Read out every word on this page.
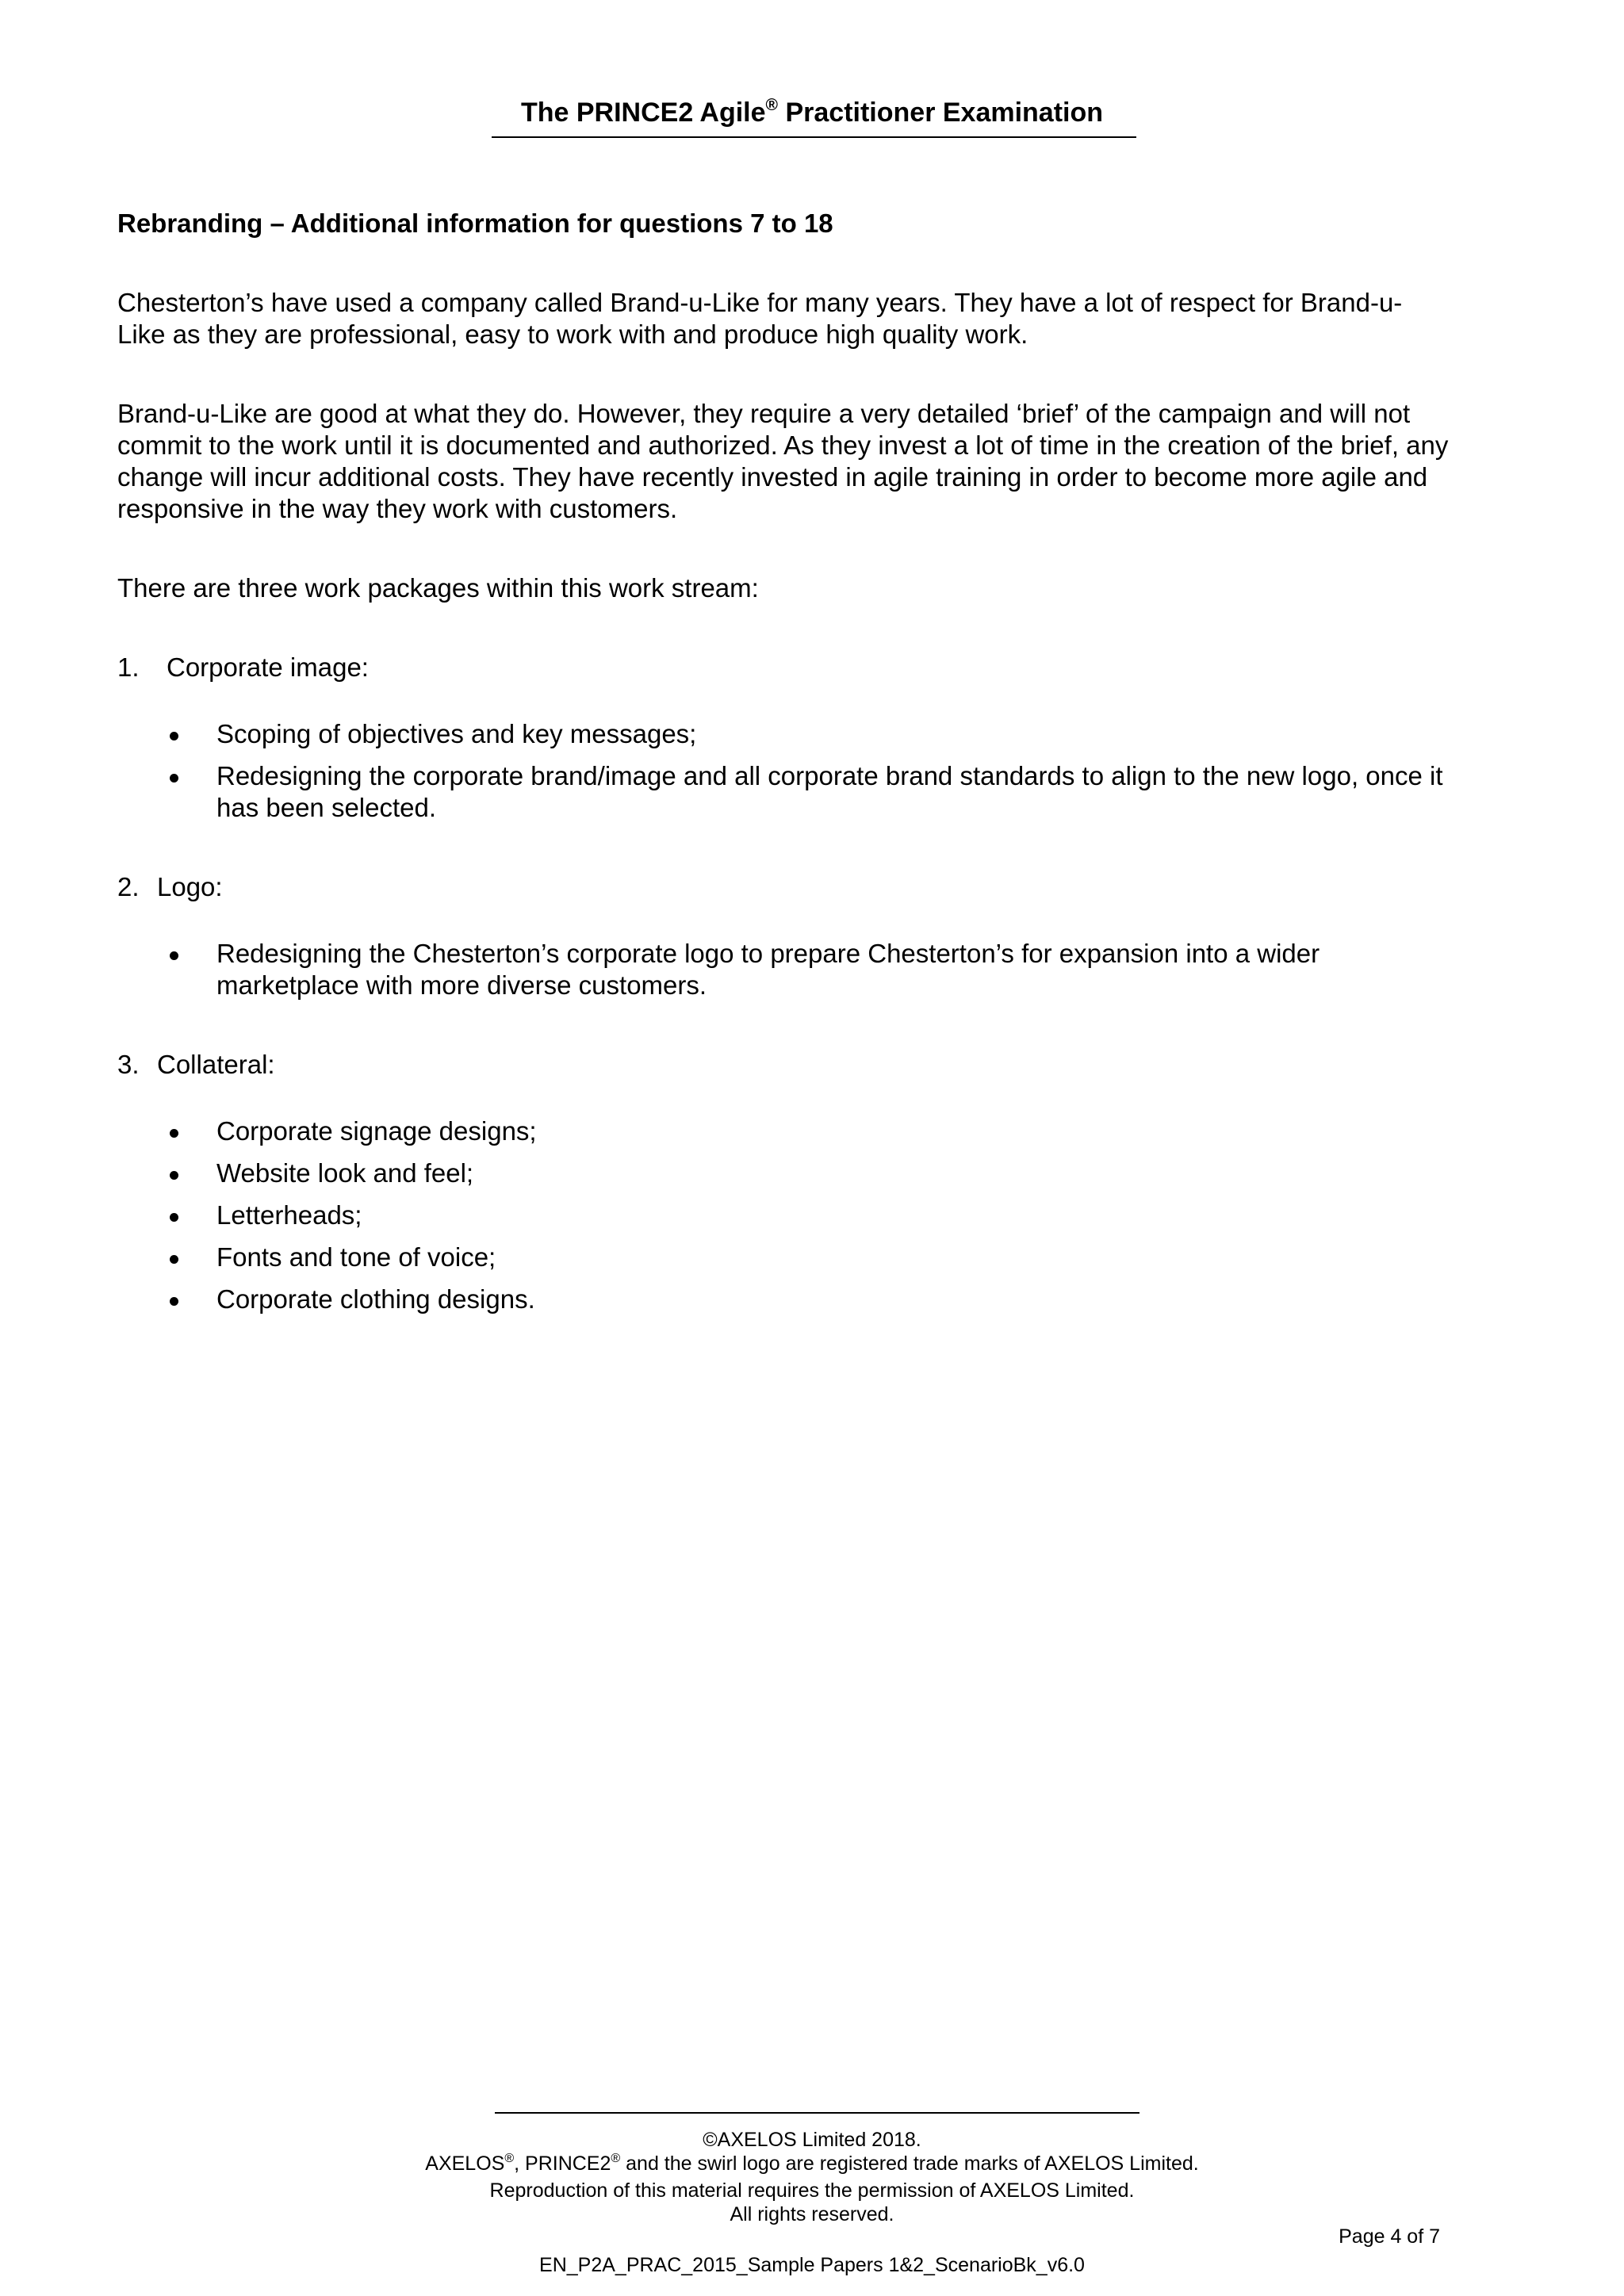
The PRINCE2 Agile® Practitioner Examination
Rebranding – Additional information for questions 7 to 18

Chesterton’s have used a company called Brand-u-Like for many years. They have a lot of respect for Brand-u-Like as they are professional, easy to work with and produce high quality work.

Brand-u-Like are good at what they do. However, they require a very detailed ‘brief’ of the campaign and will not commit to the work until it is documented and authorized. As they invest a lot of time in the creation of the brief, any change will incur additional costs. They have recently invested in agile training in order to become more agile and responsive in the way they work with customers.

There are three work packages within this work stream:

1. Corporate image:
Scoping of objectives and key messages;
Redesigning the corporate brand/image and all corporate brand standards to align to the new logo, once it has been selected.
2. Logo:
Redesigning the Chesterton’s corporate logo to prepare Chesterton’s for expansion into a wider marketplace with more diverse customers.
3. Collateral:
Corporate signage designs;
Website look and feel;
Letterheads;
Fonts and tone of voice;
Corporate clothing designs.
©AXELOS Limited 2018.
AXELOS®, PRINCE2® and the swirl logo are registered trade marks of AXELOS Limited.
Reproduction of this material requires the permission of AXELOS Limited.
All rights reserved.
Page 4 of 7
EN_P2A_PRAC_2015_Sample Papers 1&2_ScenarioBk_v6.0
